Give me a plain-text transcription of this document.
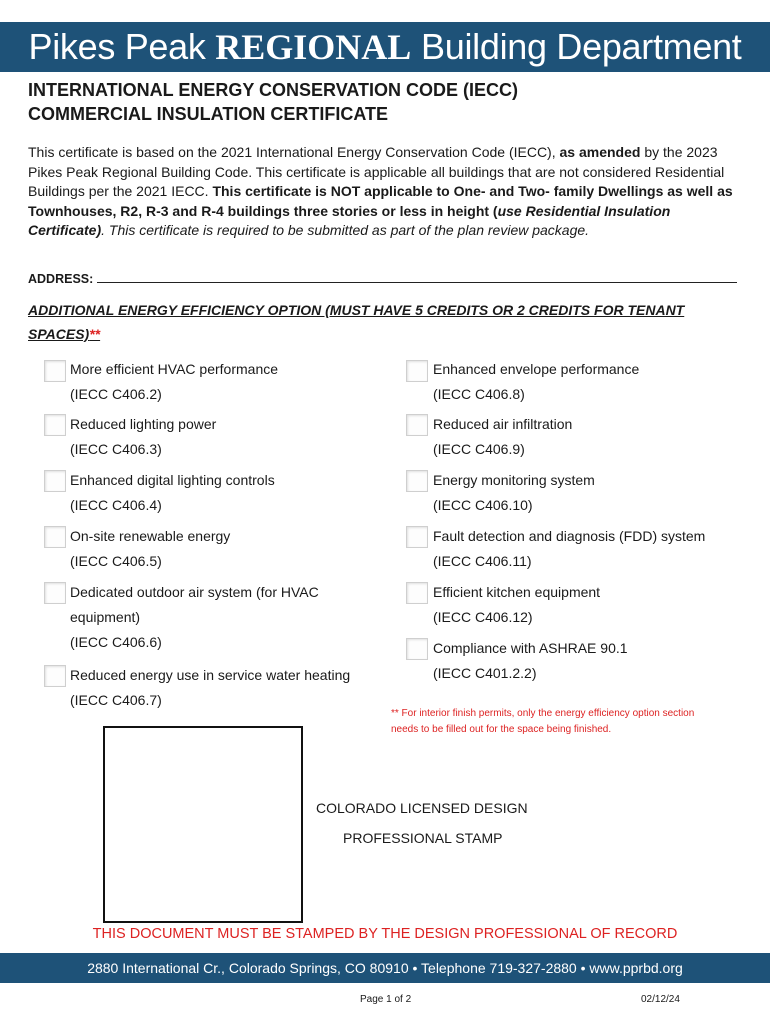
Pikes Peak REGIONAL Building Department
INTERNATIONAL ENERGY CONSERVATION CODE (IECC)
COMMERCIAL INSULATION CERTIFICATE
This certificate is based on the 2021 International Energy Conservation Code (IECC), as amended by the 2023 Pikes Peak Regional Building Code. This certificate is applicable all buildings that are not considered Residential Buildings per the 2021 IECC. This certificate is NOT applicable to One- and Two- family Dwellings as well as Townhouses, R2, R-3 and R-4 buildings three stories or less in height (use Residential Insulation Certificate). This certificate is required to be submitted as part of the plan review package.
ADDRESS:
ADDITIONAL ENERGY EFFICIENCY OPTION (MUST HAVE 5 CREDITS OR 2 CREDITS FOR TENANT SPACES)**
More efficient HVAC performance
(IECC C406.2)
Reduced lighting power
(IECC C406.3)
Enhanced digital lighting controls
(IECC C406.4)
On-site renewable energy
(IECC C406.5)
Dedicated outdoor air system (for HVAC
equipment)
(IECC C406.6)
Reduced energy use in service water heating
(IECC C406.7)
Enhanced envelope performance
(IECC C406.8)
Reduced air infiltration
(IECC C406.9)
Energy monitoring system
(IECC C406.10)
Fault detection and diagnosis (FDD) system
(IECC C406.11)
Efficient kitchen equipment
(IECC C406.12)
Compliance with ASHRAE 90.1
(IECC C401.2.2)
** For interior finish permits, only the energy efficiency option section
needs to be filled out for the space being finished.
COLORADO LICENSED DESIGN
PROFESSIONAL STAMP
THIS DOCUMENT MUST BE STAMPED BY THE DESIGN PROFESSIONAL OF RECORD
2880 International Cr., Colorado Springs, CO 80910 • Telephone 719-327-2880 • www.pprbd.org
Page 1 of 2	02/12/24
